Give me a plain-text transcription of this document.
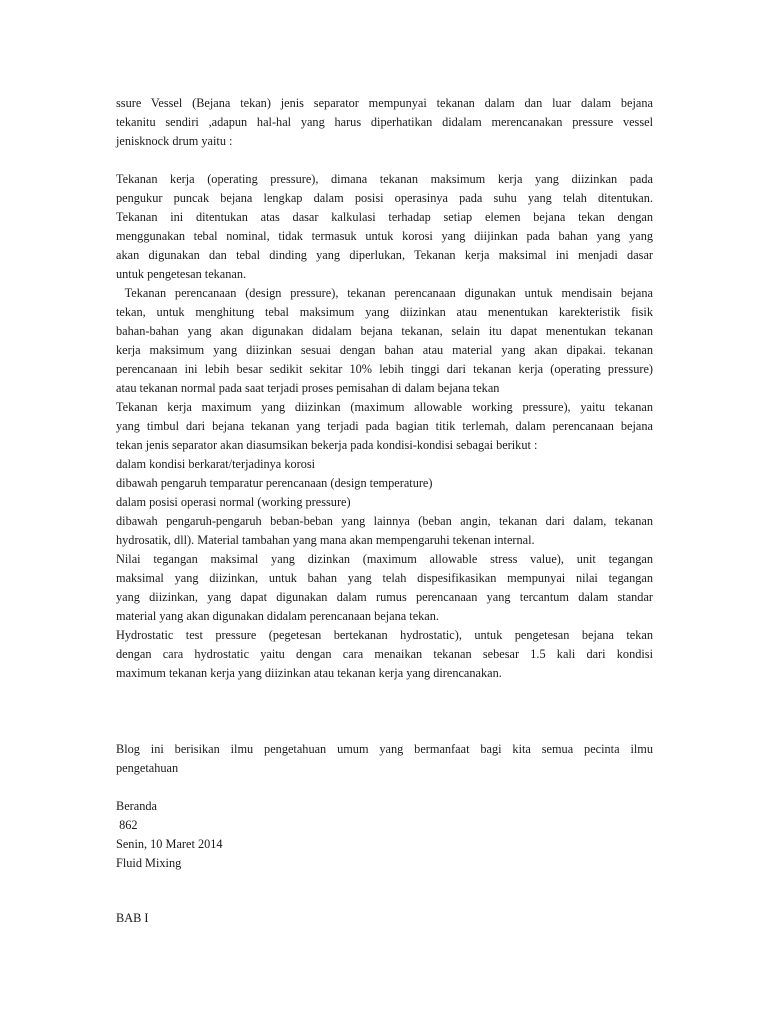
ssure Vessel (Bejana tekan) jenis separator mempunyai tekanan dalam dan luar dalam bejana
tekanitu sendiri ,adapun hal-hal yang harus diperhatikan didalam merencanakan pressure vessel
jenisknock drum yaitu :
Tekanan kerja (operating pressure), dimana tekanan maksimum kerja yang diizinkan pada
pengukur puncak bejana lengkap dalam posisi operasinya pada suhu yang telah ditentukan.
Tekanan ini ditentukan atas dasar kalkulasi terhadap setiap elemen bejana tekan dengan
menggunakan tebal nominal, tidak termasuk untuk korosi yang diijinkan pada bahan yang yang
akan digunakan dan tebal dinding yang diperlukan, Tekanan kerja maksimal ini menjadi dasar
untuk pengetesan tekanan.
Tekanan perencanaan (design pressure), tekanan perencanaan digunakan untuk mendisain bejana
tekan, untuk menghitung tebal maksimum yang diizinkan atau menentukan karekteristik fisik
bahan-bahan yang akan digunakan didalam bejana tekanan, selain itu dapat menentukan tekanan
kerja maksimum yang diizinkan sesuai dengan bahan atau material yang akan dipakai. tekanan
perencanaan ini lebih besar sedikit sekitar 10% lebih tinggi dari tekanan kerja (operating pressure)
atau tekanan normal pada saat terjadi proses pemisahan di dalam bejana tekan
Tekanan kerja maximum yang diizinkan (maximum allowable working pressure), yaitu tekanan
yang timbul dari bejana tekanan yang terjadi pada bagian titik terlemah, dalam perencanaan bejana
tekan jenis separator akan diasumsikan bekerja pada kondisi-kondisi sebagai berikut :
dalam kondisi berkarat/terjadinya korosi
dibawah pengaruh temparatur perencanaan (design temperature)
dalam posisi operasi normal (working pressure)
dibawah pengaruh-pengaruh beban-beban yang lainnya (beban angin, tekanan dari dalam, tekanan
hydrosatik, dll). Material tambahan yang mana akan mempengaruhi tekenan internal.
Nilai tegangan maksimal yang dizinkan (maximum allowable stress value), unit tegangan
maksimal yang diizinkan, untuk bahan yang telah dispesifikasikan mempunyai nilai tegangan
yang diizinkan, yang dapat digunakan dalam rumus perencanaan yang tercantum dalam standar
material yang akan digunakan didalam perencanaan bejana tekan.
Hydrostatic test pressure (pegetesan bertekanan hydrostatic), untuk pengetesan bejana tekan
dengan cara hydrostatic yaitu dengan cara menaikan tekanan sebesar 1.5 kali dari kondisi
maximum tekanan kerja yang diizinkan atau tekanan kerja yang direncanakan.
Blog ini berisikan ilmu pengetahuan umum yang bermanfaat bagi kita semua pecinta ilmu
pengetahuan
Beranda
862
Senin, 10 Maret 2014
Fluid Mixing
BAB I
